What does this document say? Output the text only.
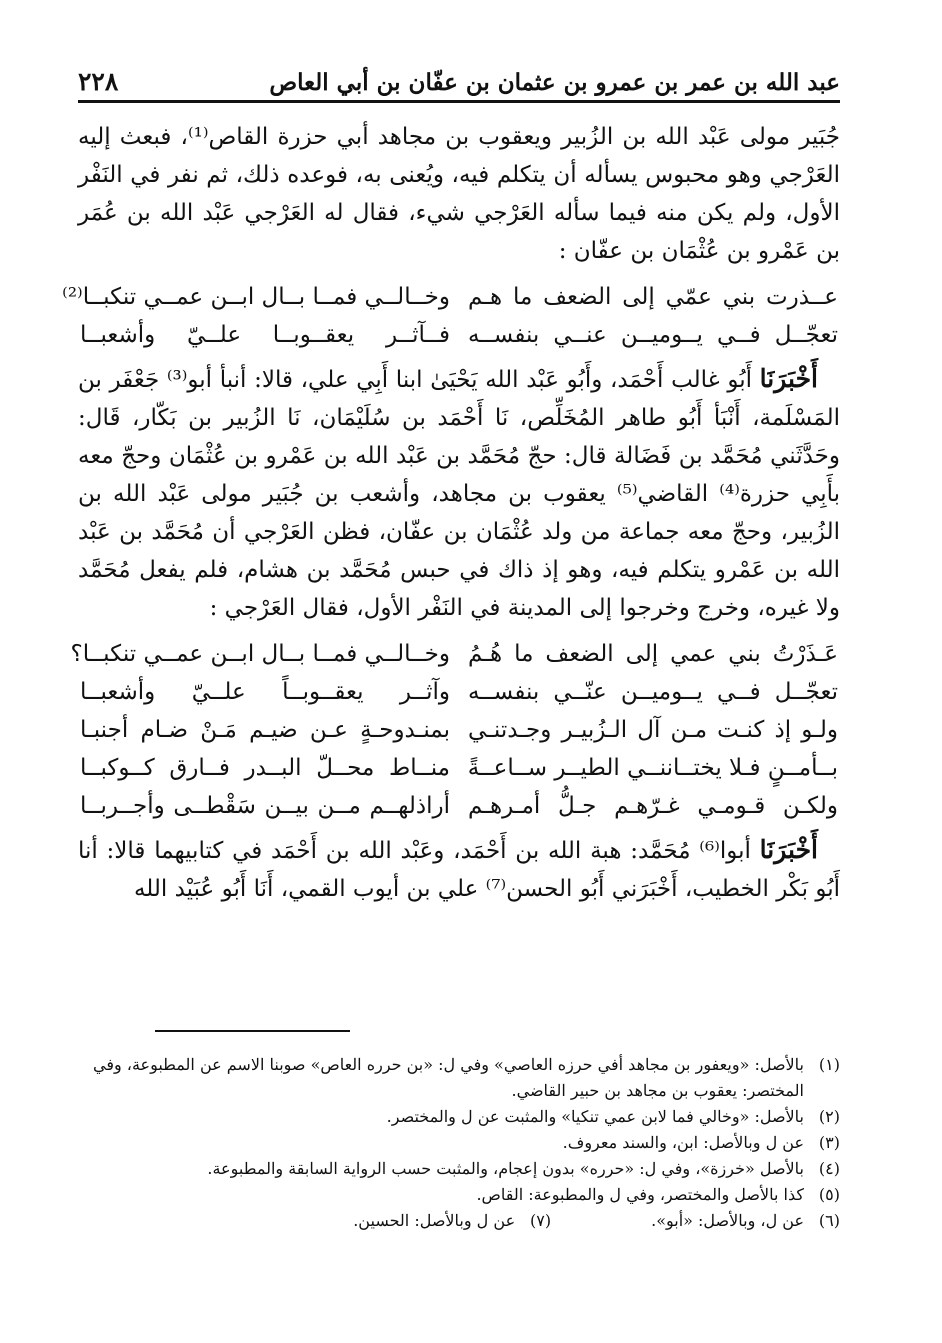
عبد الله بن عمر بن عمرو بن عثمان بن عفّان بن أبي العاص
٢٢٨

جُبَير مولى عَبْد الله بن الزُبير ويعقوب بن مجاهد أبي حزرة القاص⁽¹⁾، فبعث إليه العَرْجي وهو محبوس يسأله أن يتكلم فيه، ويُعنى به، فوعده ذلك، ثم نفر في النَفْر الأول، ولم يكن منه فيما سأله العَرْجي شيء، فقال له العَرْجي عَبْد الله بن عُمَر بن عَمْرو بن عُثْمَان بن عفّان :

عــذرت بني عمّي إلى الضعف ما هـم
وخــالــي فمــا بــال ابــن عمــي تنكبــا⁽²⁾
تعجّــل فــي يــوميــن عنــي بنفســه
فــآثــر يعقــوبــا علــيّ وأشعبــا

أَخْبَرَنَا أَبُو غالب أَحْمَد، وأَبُو عَبْد الله يَحْيَىٰ ابنا أَبِي علي، قالا: أنبأ أبو⁽³⁾ جَعْفَر بن المَسْلَمة، أَنْبَأ أَبُو طاهر المُخَلِّص، نَا أَحْمَد بن سُلَيْمَان، نَا الزُبير بن بَكّار، قَال: وحَدَّثَني مُحَمَّد بن فَضَالة قال: حجّ مُحَمَّد بن عَبْد الله بن عَمْرو بن عُثْمَان وحجّ معه بأَبِي حزرة⁽⁴⁾ القاضي⁽⁵⁾ يعقوب بن مجاهد، وأشعب بن جُبَير مولى عَبْد الله بن الزُبير، وحجّ معه جماعة من ولد عُثْمَان بن عفّان، فظن العَرْجي أن مُحَمَّد بن عَبْد الله بن عَمْرو يتكلم فيه، وهو إذ ذاك في حبس مُحَمَّد بن هشام، فلم يفعل مُحَمَّد ولا غيره، وخرج وخرجوا إلى المدينة في النَفْر الأول، فقال العَرْجي :

عَـذَرْتُ بني عمي إلى الضعف ما هُـمُ
وخــالــي فمــا بــال ابــن عمــي تنكبــا؟
تعجّــل فــي يــوميــن عنّــي بنفســه
وآثــر يعقــوبــاً علــيّ وأشعبــا
ولـو إذ كنـت مـن آل الـزُبيـر وجـدتنـي
بمنـدوحـةٍ عـن ضيـم مَـنْ ضـام أجنبـا
بــأمــنٍ فـلا يختــاننــي الطيــر ســاعــةً
منــاط محــلّ البــدر فــارق كــوكبــا
ولكـن قـومـي غـرّهـم جـلُّ أمـرهـم
أراذلهــم مــن بيــن سَقْطــى وأجــربــا

أَخْبَرَنَا أبوا⁽⁶⁾ مُحَمَّد: هبة الله بن أَحْمَد، وعَبْد الله بن أَحْمَد في كتابيهما قالا: أنا أَبُو بَكْر الخطيب، أَخْبَرَني أَبُو الحسن⁽⁷⁾ علي بن أيوب القمي، أَنَا أَبُو عُبَيْد الله

(١)
بالأصل: «ويعفور بن مجاهد أفي حرزه العاصي» وفي ل: «بن حرره العاص» صوبنا الاسم عن المطبوعة، وفي المختصر: يعقوب بن مجاهد بن حبير القاضي.
(٢)
بالأصل: «وخالي فما لابن عمي تنكيا» والمثبت عن ل والمختصر.
(٣)
عن ل وبالأصل: ابن، والسند معروف.
(٤)
بالأصل «خرزة»، وفي ل: «حرره» بدون إعجام، والمثبت حسب الرواية السابقة والمطبوعة.
(٥)
كذا بالأصل والمختصر، وفي ل والمطبوعة: القاص.
(٦)
عن ل، وبالأصل: «أبو».
(٧)
عن ل وبالأصل: الحسين.
